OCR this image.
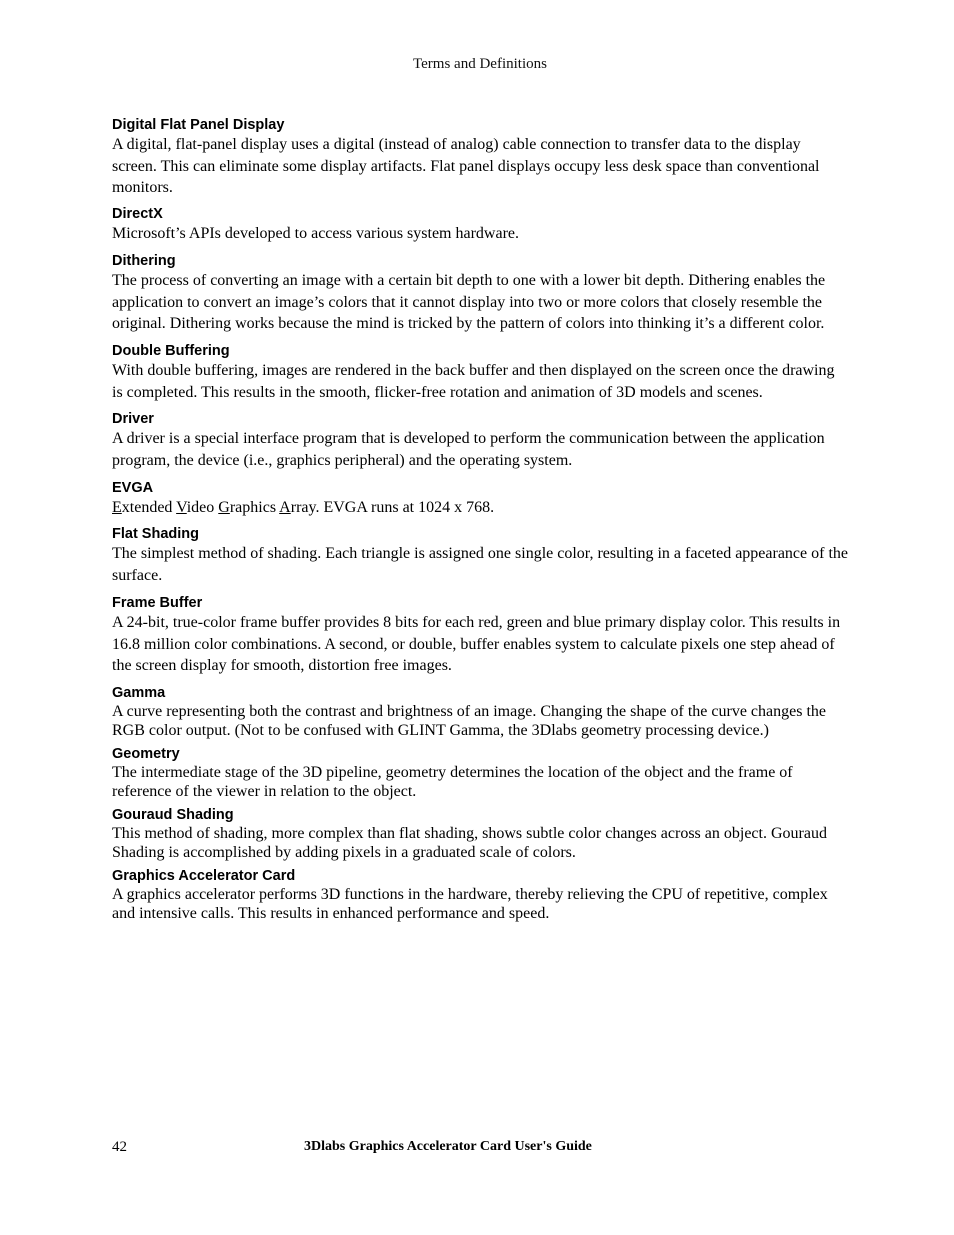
Terms and Definitions

Digital Flat Panel Display

A digital, flat-panel display uses a digital (instead of analog) cable connection to transfer data to the display screen. This can eliminate some display artifacts. Flat panel displays occupy less desk space than conventional monitors.

DirectX

Microsoft’s APIs developed to access various system hardware.

Dithering

The process of converting an image with a certain bit depth to one with a lower bit depth. Dithering enables the application to convert an image’s colors that it cannot display into two or more colors that closely resemble the original. Dithering works because the mind is tricked by the pattern of colors into thinking it’s a different color.

Double Buffering

With double buffering, images are rendered in the back buffer and then displayed on the screen once the drawing is completed. This results in the smooth, flicker-free rotation and animation of 3D models and scenes.

Driver

A driver is a special interface program that is developed to perform the communication between the application program, the device (i.e., graphics peripheral) and the operating system.

EVGA

Extended Video Graphics Array. EVGA runs at 1024 x 768.

Flat Shading

The simplest method of shading. Each triangle is assigned one single color, resulting in a faceted appearance of the surface.

Frame Buffer

A 24-bit, true-color frame buffer provides 8 bits for each red, green and blue primary display color. This results in 16.8 million color combinations. A second, or double, buffer enables system to calculate pixels one step ahead of the screen display for smooth, distortion free images.

Gamma

A curve representing both the contrast and brightness of an image. Changing the shape of the curve changes the RGB color output. (Not to be confused with GLINT Gamma, the 3Dlabs geometry processing device.)

Geometry

The intermediate stage of the 3D pipeline, geometry determines the location of the object and the frame of reference of the viewer in relation to the object.

Gouraud Shading

This method of shading, more complex than flat shading, shows subtle color changes across an object. Gouraud Shading is accomplished by adding pixels in a graduated scale of colors.

Graphics Accelerator Card

A graphics accelerator performs 3D functions in the hardware, thereby relieving the CPU of repetitive, complex and intensive calls. This results in enhanced performance and speed.

42	3Dlabs Graphics Accelerator Card User's Guide
